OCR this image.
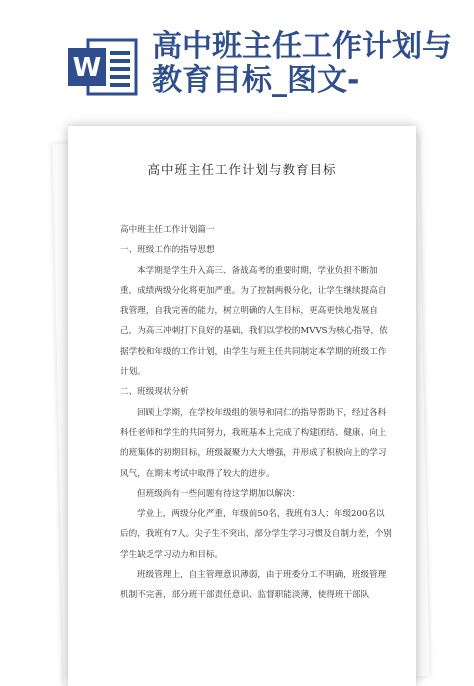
W
高中班主任工作计划与教育目标_图文-
高中班主任工作计划与教育目标

高中班主任工作计划篇一

一、班级工作的指导思想

本学期是学生升入高三、备战高考的重要时期，学业负担不断加重，成绩两级分化将更加严重。为了控制两极分化，让学生继续提高自我管理，自我完善的能力，树立明确的人生目标，更高更快地发展自己，为高三冲刺打下良好的基础，我们以学校的MVVS为核心指导，依据学校和年级的工作计划，由学生与班主任共同制定本学期的班级工作计划。

二、班级现状分析

回顾上学期，在学校年级组的领导和同仁的指导帮助下，经过各科科任老师和学生的共同努力，我班基本上完成了构建团结、健康、向上的班集体的初期目标，班级凝聚力大大增强，并形成了积极向上的学习风气，在期末考试中取得了较大的进步。

但班级尚有一些问题有待这学期加以解决：

学业上，两级分化严重，年级前50名，我班有3人；年级200名以后的，我班有7人。尖子生不突出，部分学生学习习惯及自制力差，个别学生缺乏学习动力和目标。

班级管理上，自主管理意识薄弱，由于班委分工不明确，班级管理机制不完善，部分班干部责任意识、监督职能淡薄，使得班干部队
